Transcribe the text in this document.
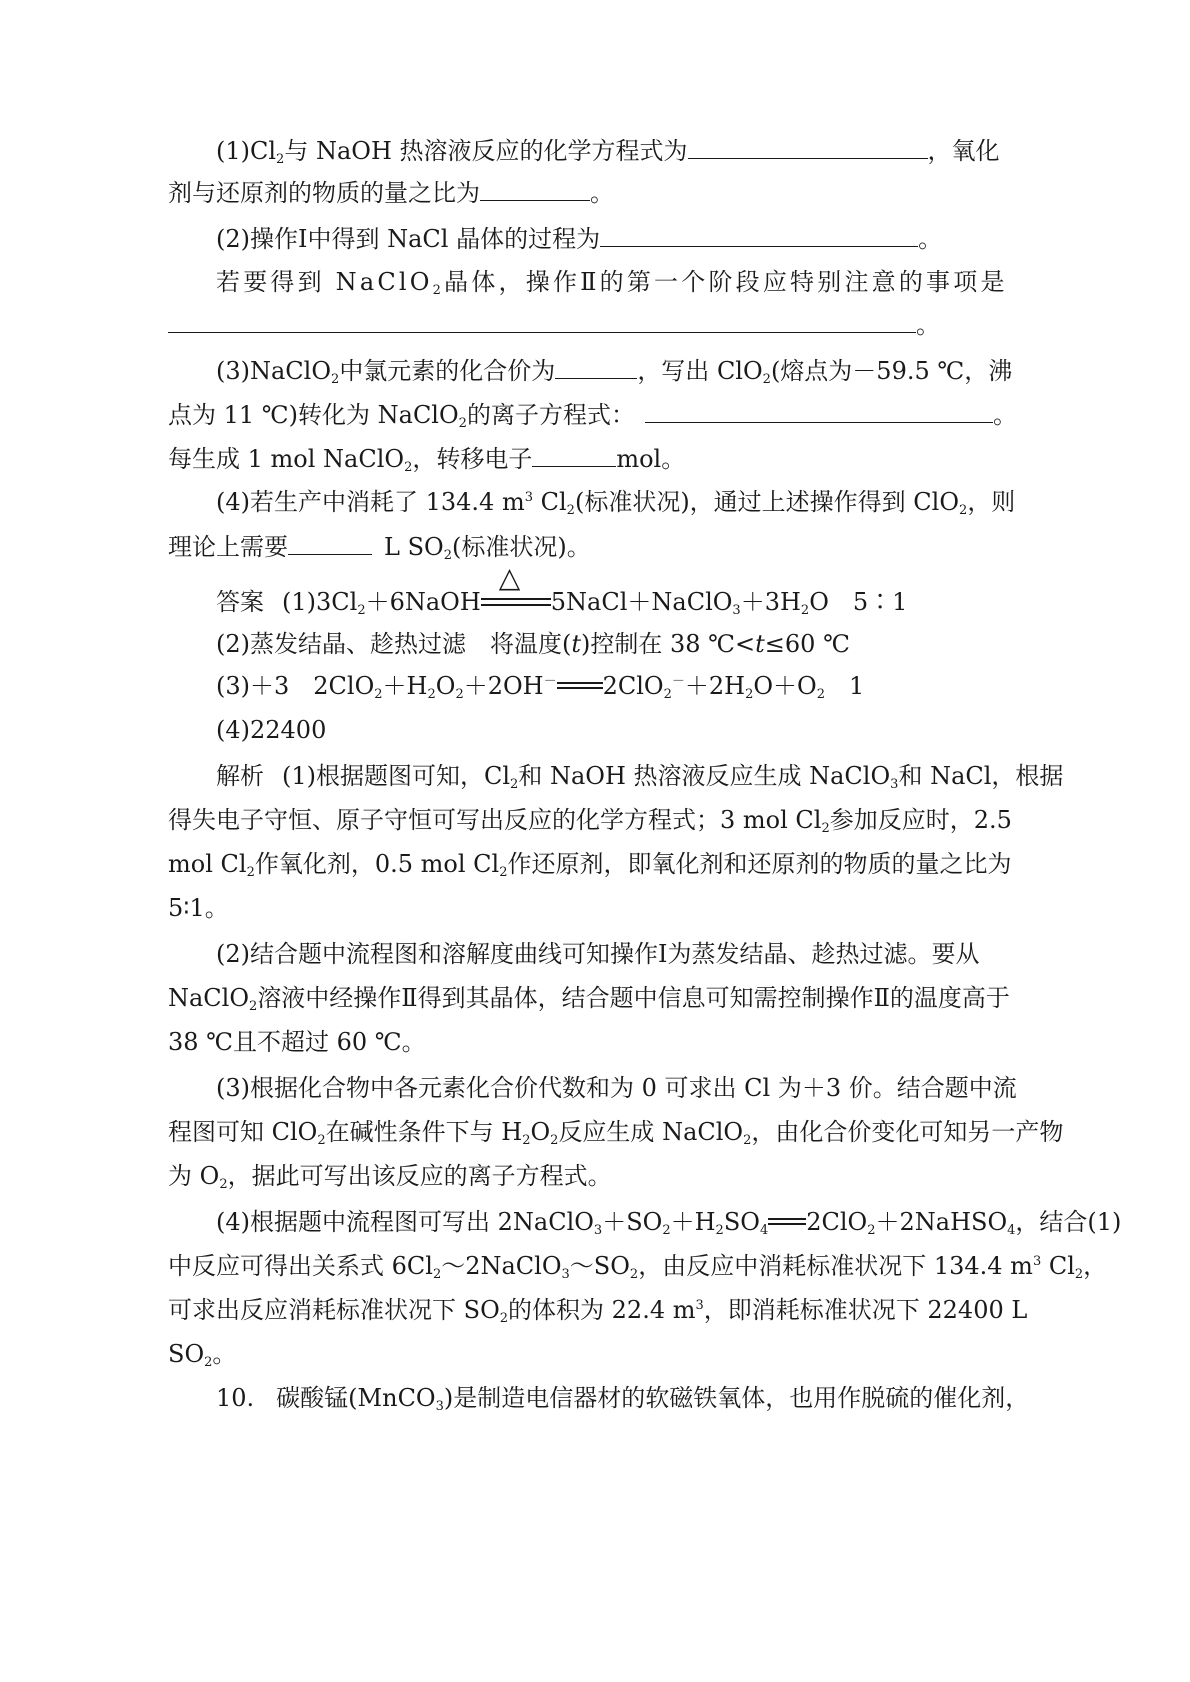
$(1)Cl_2$与 NaOH 热溶液反应的化学方程式为	，氧化
剂与还原剂的物质的量之比为	。
(2)操作Ⅰ中得到 NaCl 晶体的过程为	。
若要得到 NaClO$_2$晶体，操作Ⅱ的第一个阶段应特别注意的事项是
。
(3)NaClO$_2$中氯元素的化合价为	，写出 ClO$_2$(熔点为－59.5 ℃，沸
点为 11 ℃)转化为 NaClO$_2$的离子方程式：	。
每生成 1 mol NaClO$_2$，转移电子	mol。
(4)若生产中消耗了 134.4 $m^3$ $Cl_2$(标准状况)，通过上述操作得到 ClO$_2$，则
理论上需要	L $SO_2$(标准状况)。
答案 $(1)3Cl_2+6NaOH$
△
$5NaCl+NaClO_3+3H_2O$　5∶1
(2)蒸发结晶、趁热过滤　将温度(t)控制在 38 ℃<t≤60 ℃
(3)＋3　$2ClO_2+H_2O_2+2OH^-$ $2ClO_2^-+2H_2O+O_2$　1
(4)22400
解析 (1)根据题图可知，$Cl_2$和 NaOH 热溶液反应生成 NaClO$_3$和 NaCl，根据
得失电子守恒、原子守恒可写出反应的化学方程式；3 mol $Cl_2$参加反应时，2.5
mol $Cl_2$作氧化剂，0.5 mol $Cl_2$作还原剂，即氧化剂和还原剂的物质的量之比为
5∶1。
(2)结合题中流程图和溶解度曲线可知操作Ⅰ为蒸发结晶、趁热过滤。要从
NaClO$_2$溶液中经操作Ⅱ得到其晶体，结合题中信息可知需控制操作Ⅱ的温度高于
38 ℃且不超过 60 ℃。
(3)根据化合物中各元素化合价代数和为 0 可求出 Cl 为＋3 价。结合题中流
程图可知 ClO$_2$在碱性条件下与 $H_2O_2$反应生成 NaClO$_2$，由化合价变化可知另一产物
为 $O_2$，据此可写出该反应的离子方程式。
(4)根据题中流程图可写出 $2NaClO_3+SO_2+H_2SO_4$ 2ClO$_2$＋2NaHSO$_4$，结合(1)
中反应可得出关系式 $6Cl_2\sim 2NaClO_3\sim SO_2$，由反应中消耗标准状况下 134.4 $m^3$ $Cl_2$，
可求出反应消耗标准状况下 $SO_2$的体积为 22.4 $m^3$，即消耗标准状况下 22400 L
$SO_2$。
10. 碳酸锰(MnCO$_3$)是制造电信器材的软磁铁氧体，也用作脱硫的催化剂，
